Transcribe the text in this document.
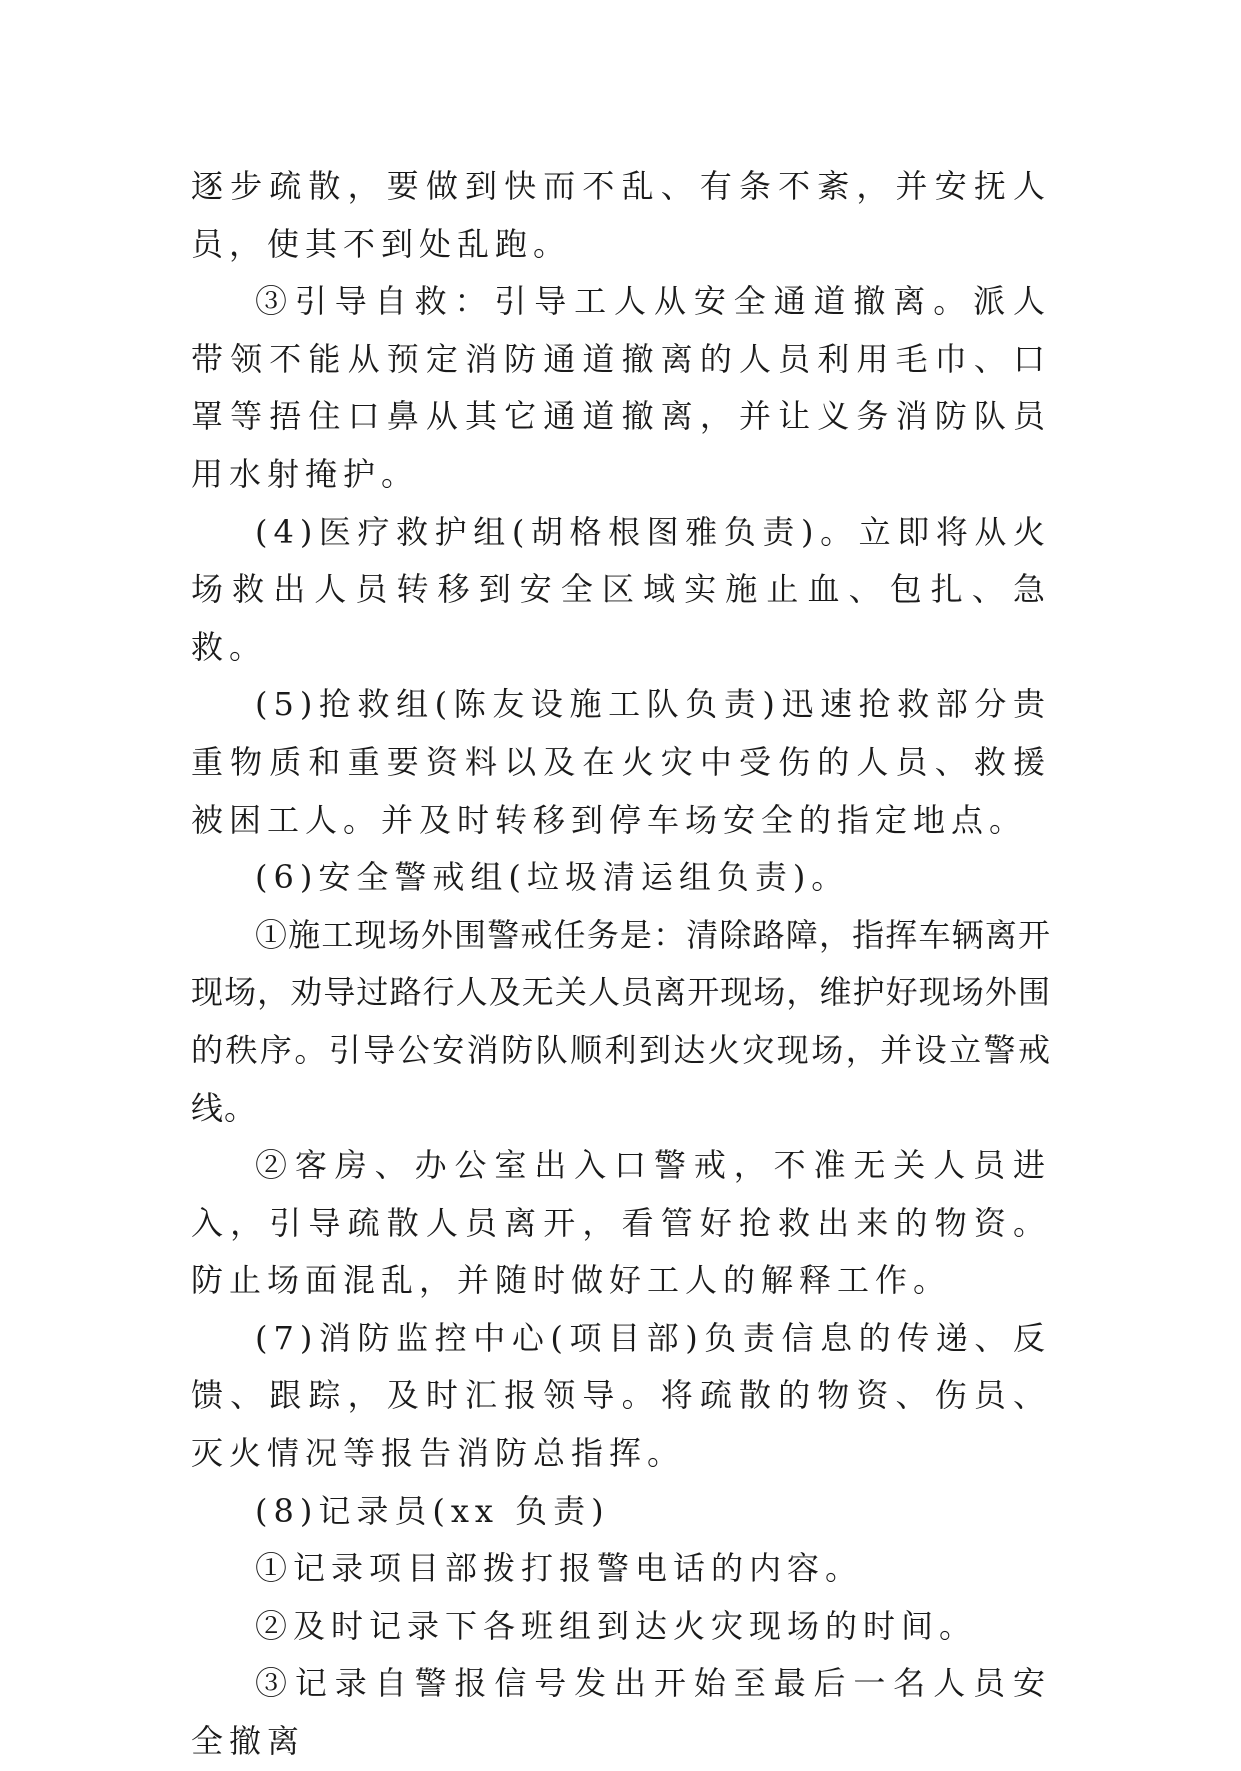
逐步疏散，要做到快而不乱、有条不紊，并安抚人员，使其不到处乱跑。

③引导自救：引导工人从安全通道撤离。派人带领不能从预定消防通道撤离的人员利用毛巾、口罩等捂住口鼻从其它通道撤离，并让义务消防队员用水射掩护。

(4)医疗救护组(胡格根图雅负责)。立即将从火场救出人员转移到安全区域实施止血、包扎、急救。

(5)抢救组(陈友设施工队负责)迅速抢救部分贵重物质和重要资料以及在火灾中受伤的人员、救援被困工人。并及时转移到停车场安全的指定地点。

(6)安全警戒组(垃圾清运组负责)。

①施工现场外围警戒任务是：清除路障，指挥车辆离开现场，劝导过路行人及无关人员离开现场，维护好现场外围的秩序。引导公安消防队顺利到达火灾现场，并设立警戒线。

②客房、办公室出入口警戒，不准无关人员进入，引导疏散人员离开，看管好抢救出来的物资。防止场面混乱，并随时做好工人的解释工作。

(7)消防监控中心(项目部)负责信息的传递、反馈、跟踪，及时汇报领导。将疏散的物资、伤员、灭火情况等报告消防总指挥。

(8)记录员(xx 负责)

①记录项目部拨打报警电话的内容。

②及时记录下各班组到达火灾现场的时间。

③记录自警报信号发出开始至最后一名人员安全撤离
